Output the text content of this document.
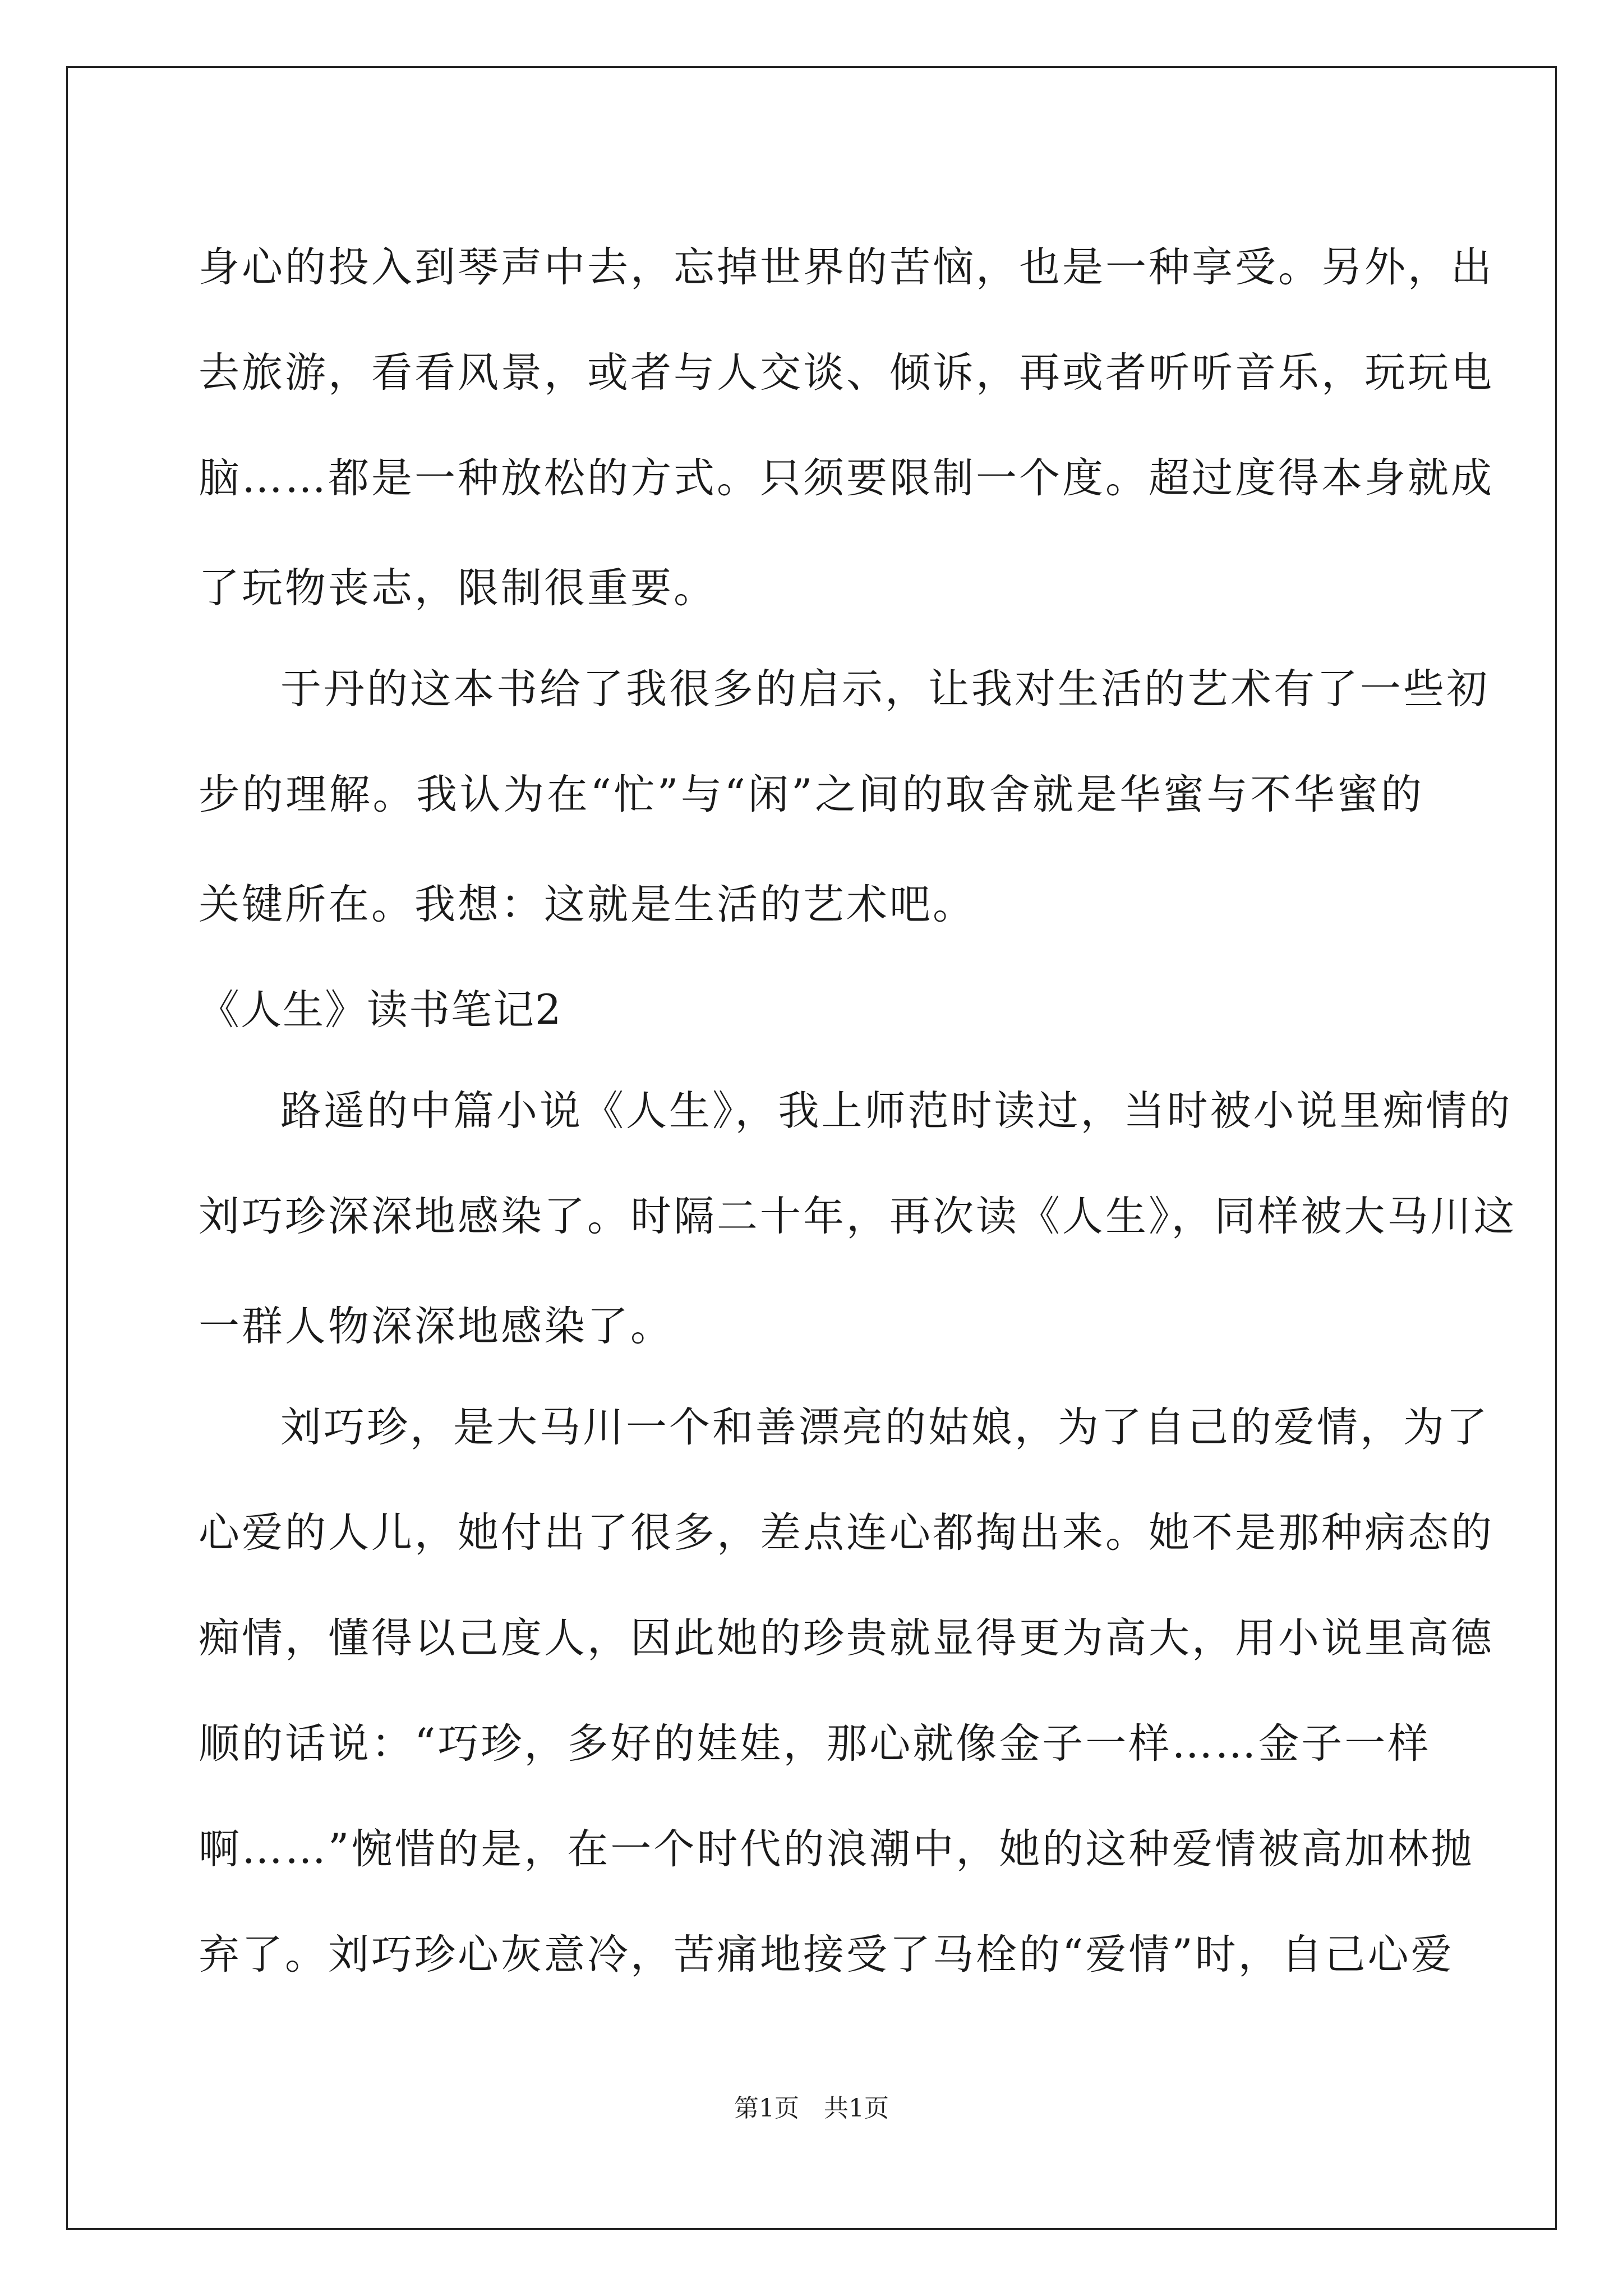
身心的投入到琴声中去，忘掉世界的苦恼，也是一种享受。另外，出
去旅游，看看风景，或者与人交谈、倾诉，再或者听听音乐，玩玩电
脑……都是一种放松的方式。只须要限制一个度。超过度得本身就成
了玩物丧志，限制很重要。
于丹的这本书给了我很多的启示，让我对生活的艺术有了一些初
步的理解。我认为在“忙”与“闲”之间的取舍就是华蜜与不华蜜的
关键所在。我想：这就是生活的艺术吧。
《人生》读书笔记2
路遥的中篇小说《人生》，我上师范时读过，当时被小说里痴情的
刘巧珍深深地感染了。时隔二十年，再次读《人生》，同样被大马川这
一群人物深深地感染了。
刘巧珍，是大马川一个和善漂亮的姑娘，为了自己的爱情，为了
心爱的人儿，她付出了很多，差点连心都掏出来。她不是那种病态的
痴情，懂得以己度人，因此她的珍贵就显得更为高大，用小说里高德
顺的话说：“巧珍，多好的娃娃，那心就像金子一样……金子一样
啊……”惋惜的是，在一个时代的浪潮中，她的这种爱情被高加林抛
弃了。刘巧珍心灰意冷，苦痛地接受了马栓的“爱情”时，自己心爱
第1页　共1页
